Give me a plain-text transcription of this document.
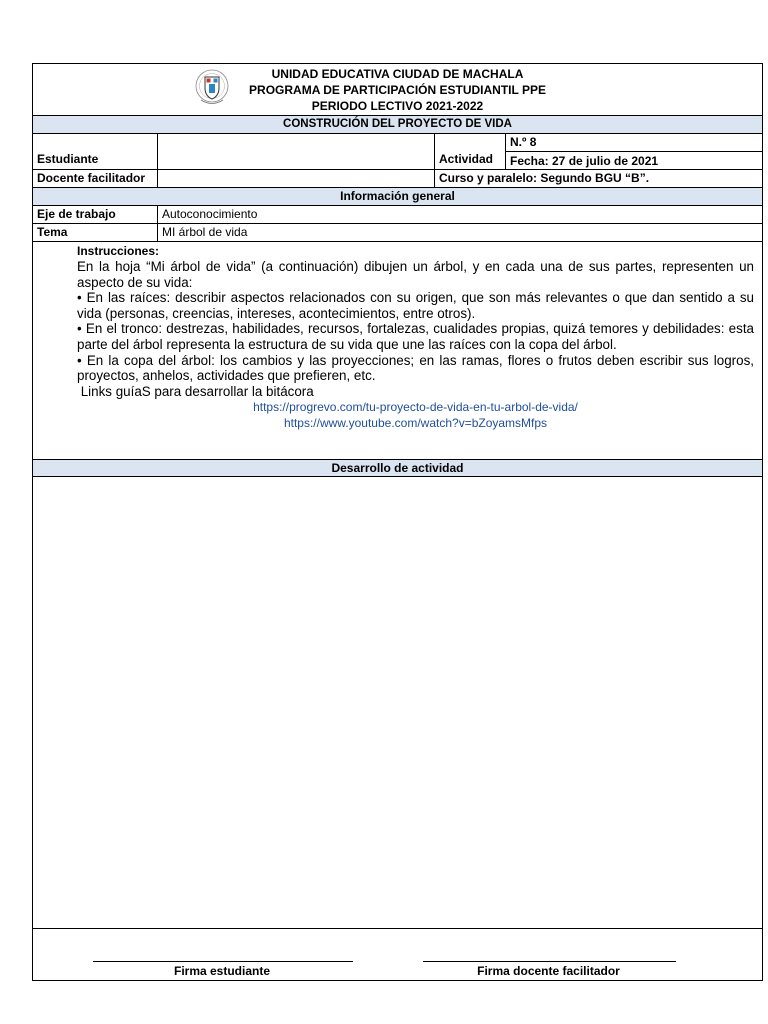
UNIDAD EDUCATIVA CIUDAD DE MACHALA
PROGRAMA DE PARTICIPACIÓN ESTUDIANTIL PPE
PERIODO LECTIVO 2021-2022
CONSTRUCIÓN DEL PROYECTO DE VIDA
Estudiante	Actividad
N.º 8
Fecha: 27 de julio de 2021
Docente facilitador	Curso y paralelo: Segundo BGU “B”.
Información general
Eje de trabajo	Autoconocimiento
Tema	MI árbol de vida

Instrucciones:

En la hoja “Mi árbol de vida” (a continuación) dibujen un árbol, y en cada una de sus partes, representen un aspecto de su vida:

• En las raíces: describir aspectos relacionados con su origen, que son más relevantes o que dan sentido a su vida (personas, creencias, intereses, acontecimientos, entre otros).

• En el tronco: destrezas, habilidades, recursos, fortalezas, cualidades propias, quizá temores y debilidades: esta parte del árbol representa la estructura de su vida que une las raíces con la copa del árbol.

• En la copa del árbol: los cambios y las proyecciones; en las ramas, flores o frutos deben escribir sus logros, proyectos, anhelos, actividades que prefieren, etc.

Links guíaS para desarrollar la bitácora

https://progrevo.com/tu-proyecto-de-vida-en-tu-arbol-de-vida/
https://www.youtube.com/watch?v=bZoyamsMfps
Desarrollo de actividad
Firma estudiante	Firma docente facilitador
